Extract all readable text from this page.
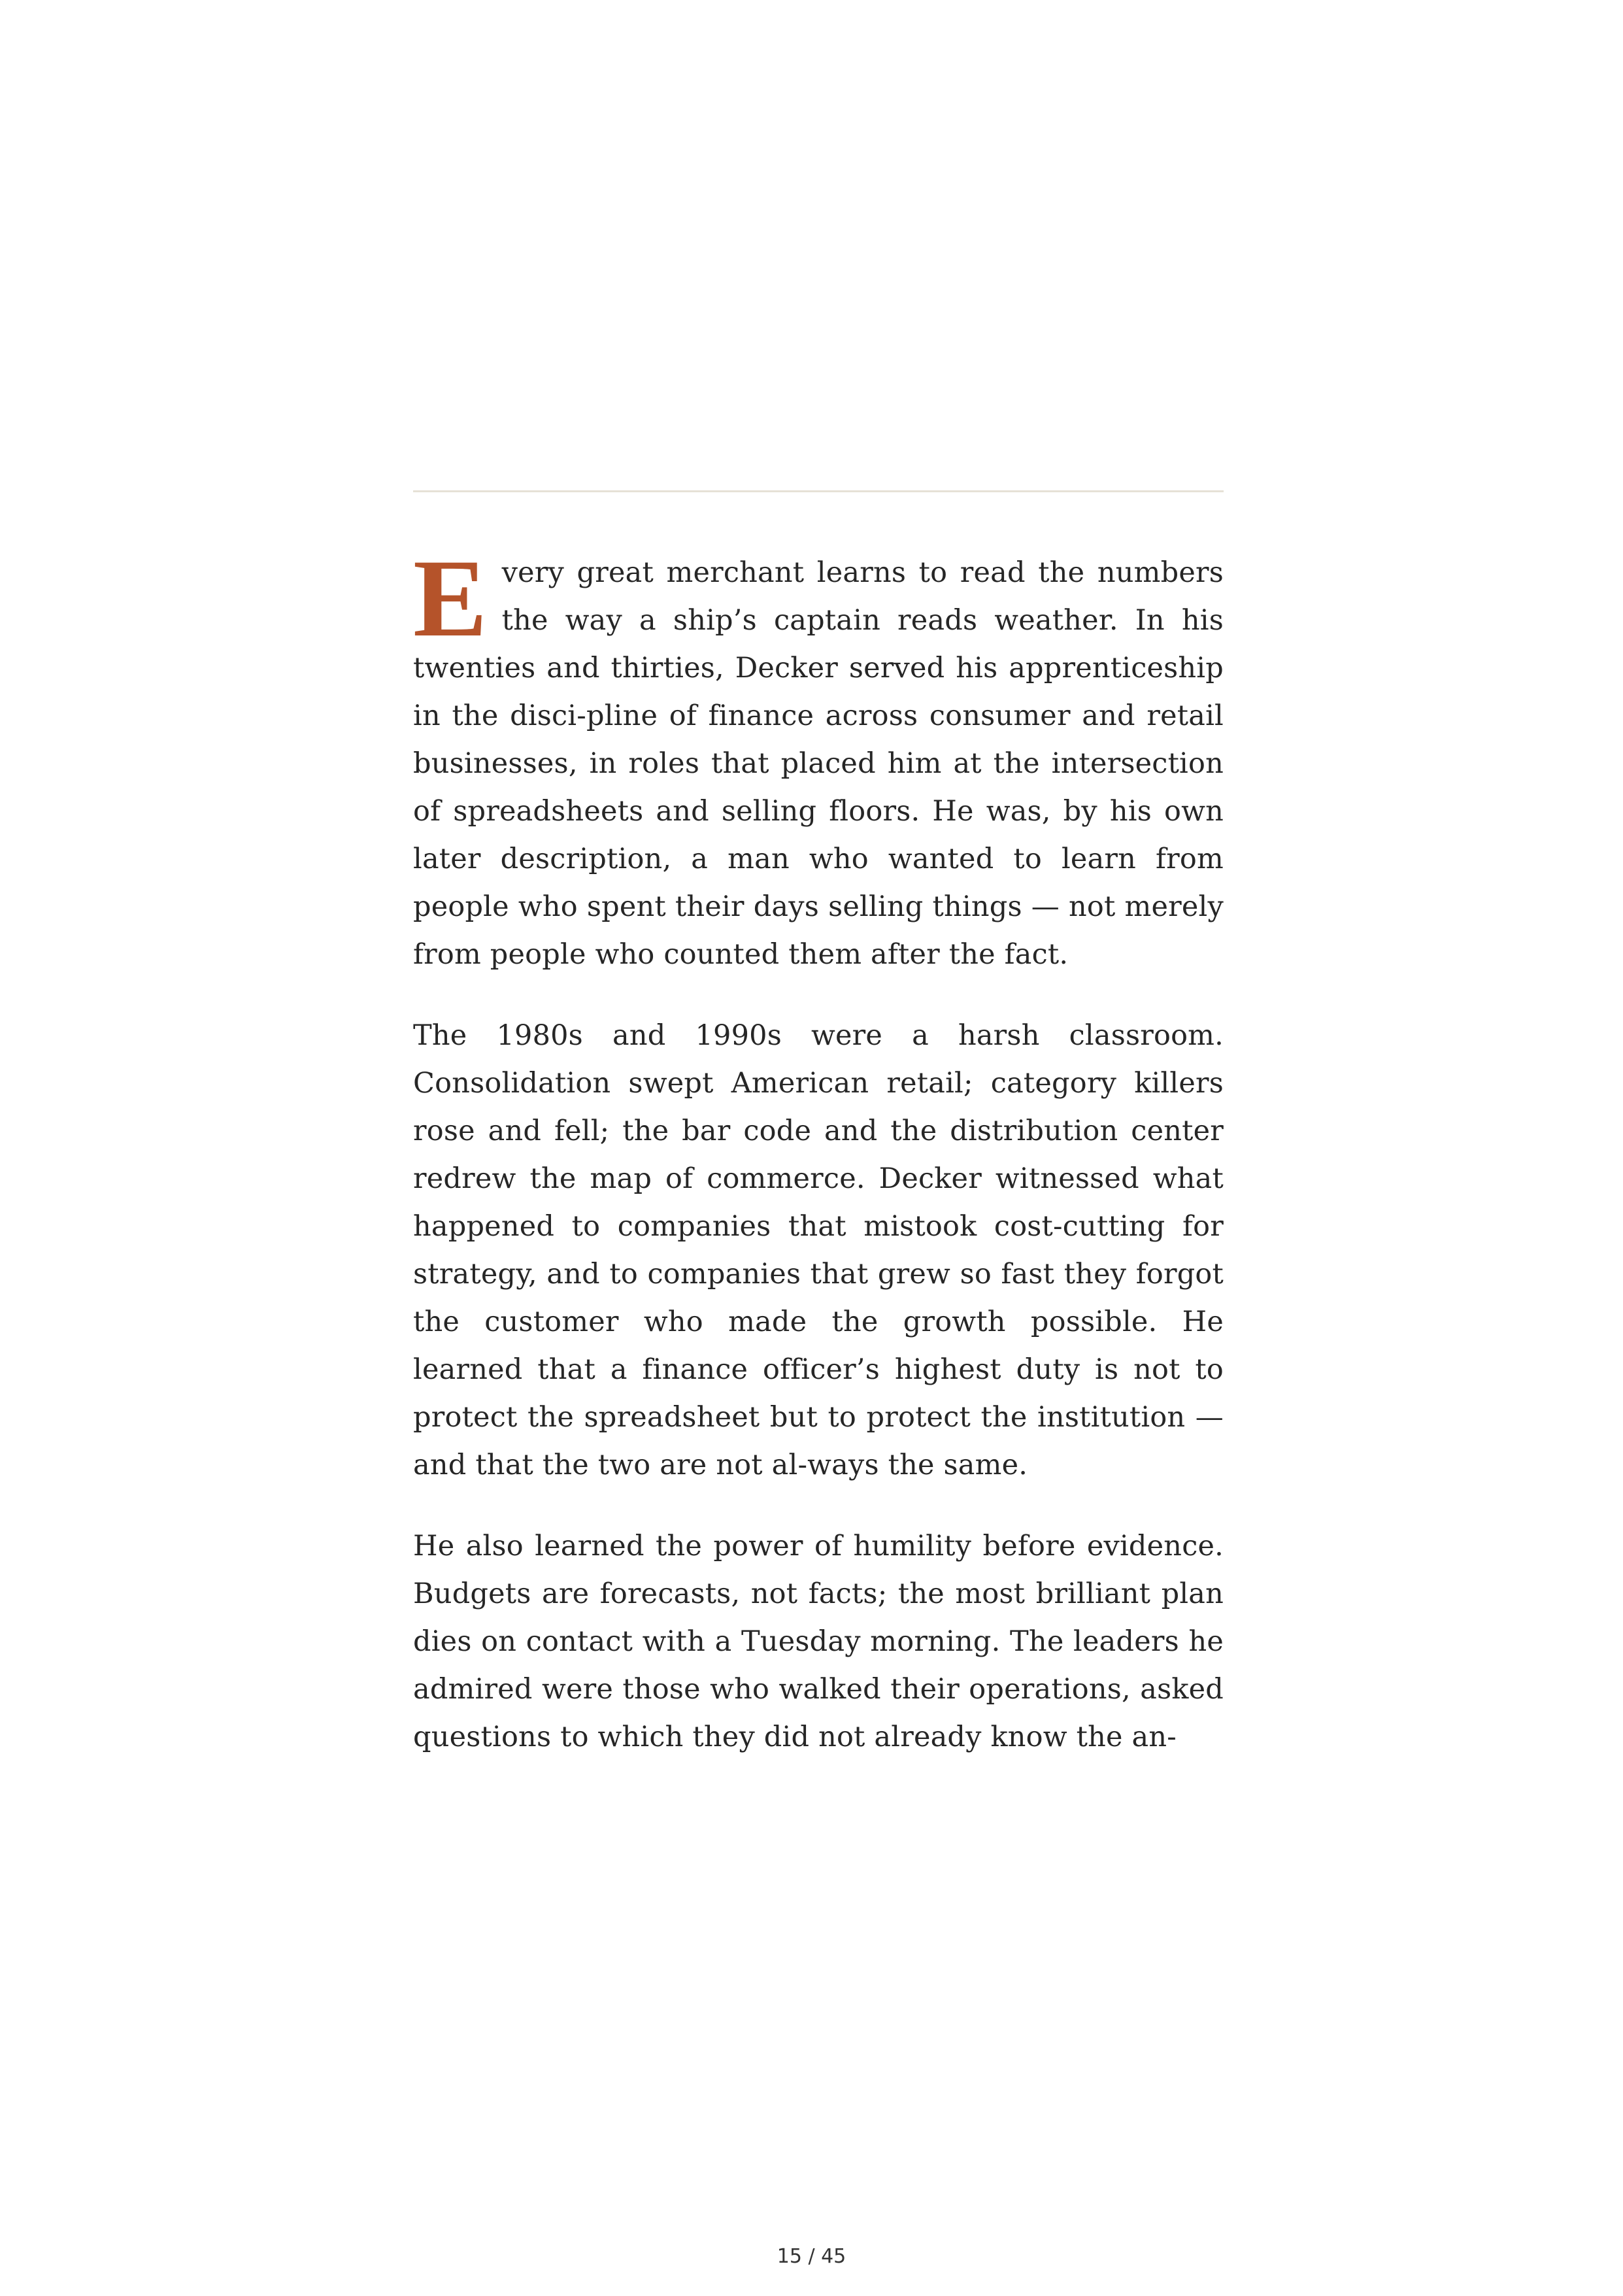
Every great merchant learns to read the numbers the way a ship’s captain reads weather. In his twenties and thirties, Decker served his apprenticeship in the disci-pline of finance across consumer and retail businesses, in roles that placed him at the intersection of spreadsheets and selling floors. He was, by his own later description, a man who wanted to learn from people who spent their days selling things — not merely from people who counted them after the fact.

The 1980s and 1990s were a harsh classroom. Consolidation swept American retail; category killers rose and fell; the bar code and the distribution center redrew the map of commerce. Decker witnessed what happened to companies that mistook cost-cutting for strategy, and to companies that grew so fast they forgot the customer who made the growth possible. He learned that a finance officer’s highest duty is not to protect the spreadsheet but to protect the institution — and that the two are not al-ways the same.

He also learned the power of humility before evidence. Budgets are forecasts, not facts; the most brilliant plan dies on contact with a Tuesday morning. The leaders he admired were those who walked their operations, asked questions to which they did not already know the an-

15 / 45
